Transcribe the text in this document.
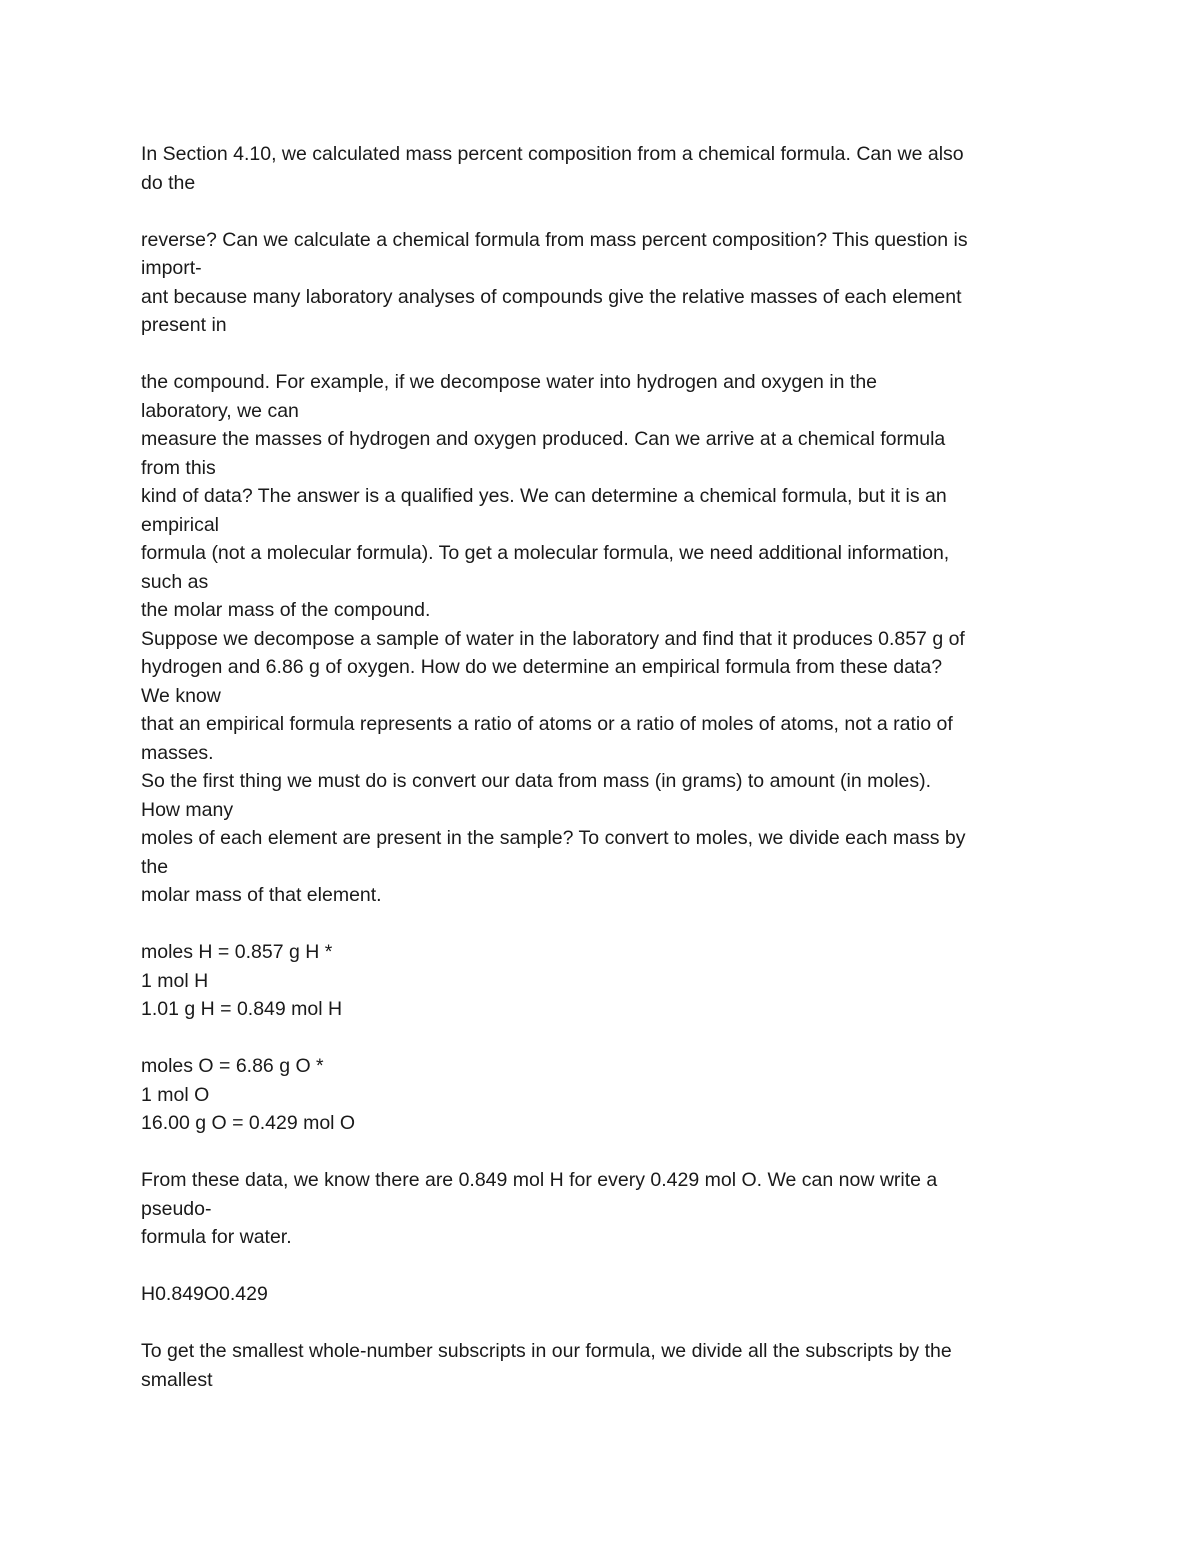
In Section 4.10, we calculated mass percent composition from a chemical formula. Can we also
do the
reverse? Can we calculate a chemical formula from mass percent composition? This question is
import-
ant because many laboratory analyses of compounds give the relative masses of each element
present in
the compound. For example, if we decompose water into hydrogen and oxygen in the
laboratory, we can
measure the masses of hydrogen and oxygen produced. Can we arrive at a chemical formula
from this
kind of data? The answer is a qualified yes. We can determine a chemical formula, but it is an
empirical
formula (not a molecular formula). To get a molecular formula, we need additional information,
such as
the molar mass of the compound.
Suppose we decompose a sample of water in the laboratory and find that it produces 0.857 g of
hydrogen and 6.86 g of oxygen. How do we determine an empirical formula from these data?
We know
that an empirical formula represents a ratio of atoms or a ratio of moles of atoms, not a ratio of
masses.
So the first thing we must do is convert our data from mass (in grams) to amount (in moles).
How many
moles of each element are present in the sample? To convert to moles, we divide each mass by
the
molar mass of that element.
moles H = 0.857 g H *
1 mol H
1.01 g H = 0.849 mol H
moles O = 6.86 g O *
1 mol O
16.00 g O = 0.429 mol O
From these data, we know there are 0.849 mol H for every 0.429 mol O. We can now write a
pseudo-
formula for water.
H0.849O0.429
To get the smallest whole-number subscripts in our formula, we divide all the subscripts by the
smallest
